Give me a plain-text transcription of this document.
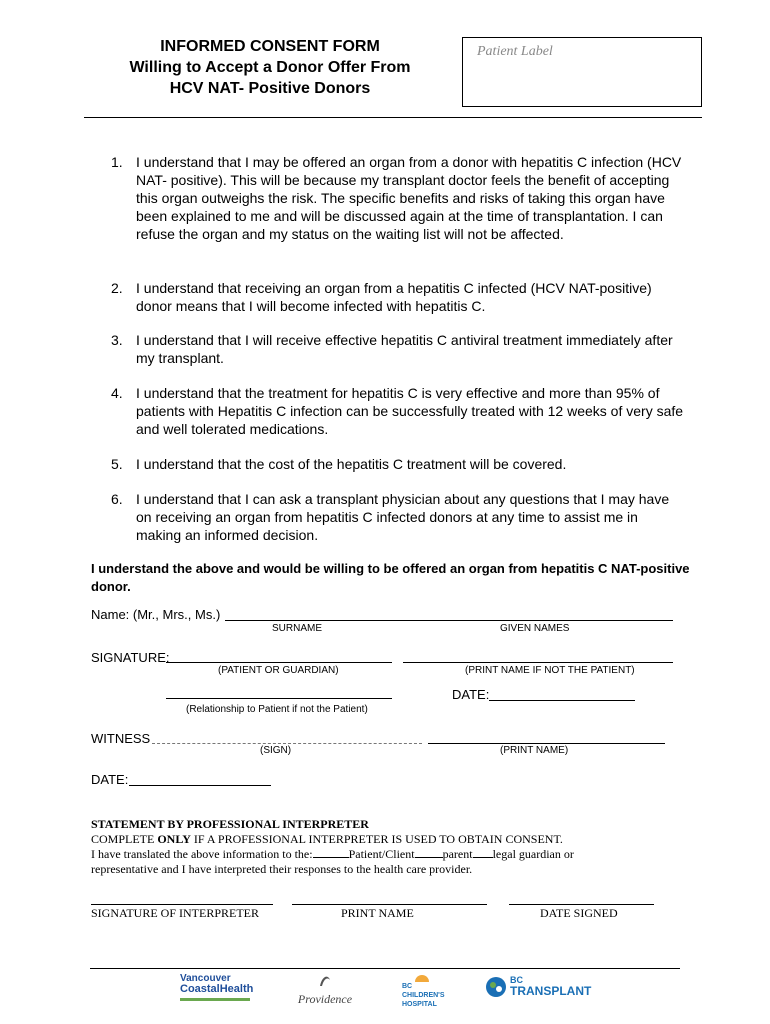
INFORMED CONSENT FORM
Willing to Accept a Donor Offer From
HCV NAT- Positive Donors
Patient Label
1. I understand that I may be offered an organ from a donor with hepatitis C infection (HCV NAT- positive). This will be because my transplant doctor feels the benefit of accepting this organ outweighs the risk. The specific benefits and risks of taking this organ have been explained to me and will be discussed again at the time of transplantation. I can refuse the organ and my status on the waiting list will not be affected.
2. I understand that receiving an organ from a hepatitis C infected (HCV NAT-positive) donor means that I will become infected with hepatitis C.
3. I understand that I will receive effective hepatitis C antiviral treatment immediately after my transplant.
4. I understand that the treatment for hepatitis C is very effective and more than 95% of patients with Hepatitis C infection can be successfully treated with 12 weeks of very safe and well tolerated medications.
5. I understand that the cost of the hepatitis C treatment will be covered.
6. I understand that I can ask a transplant physician about any questions that I may have on receiving an organ from hepatitis C infected donors at any time to assist me in making an informed decision.
I understand the above and would be willing to be offered an organ from hepatitis C NAT-positive donor.
Name: (Mr., Mrs., Ms.)
SURNAME	GIVEN NAMES
SIGNATURE:
(PATIENT OR GUARDIAN)	(PRINT NAME IF NOT THE PATIENT)
DATE:
(Relationship to Patient if not the Patient)
WITNESS
(SIGN)	(PRINT NAME)
DATE:
STATEMENT BY PROFESSIONAL INTERPRETER
COMPLETE ONLY IF A PROFESSIONAL INTERPRETER IS USED TO OBTAIN CONSENT.
I have translated the above information to the:	Patient/Client parent legal guardian or
representative and I have interpreted their responses to the health care provider.
SIGNATURE OF INTERPRETER	PRINT NAME	DATE SIGNED
Vancouver
CoastalHealth
Providence
BC
CHILDREN'S
HOSPITAL
BC
TRANSPLANT
